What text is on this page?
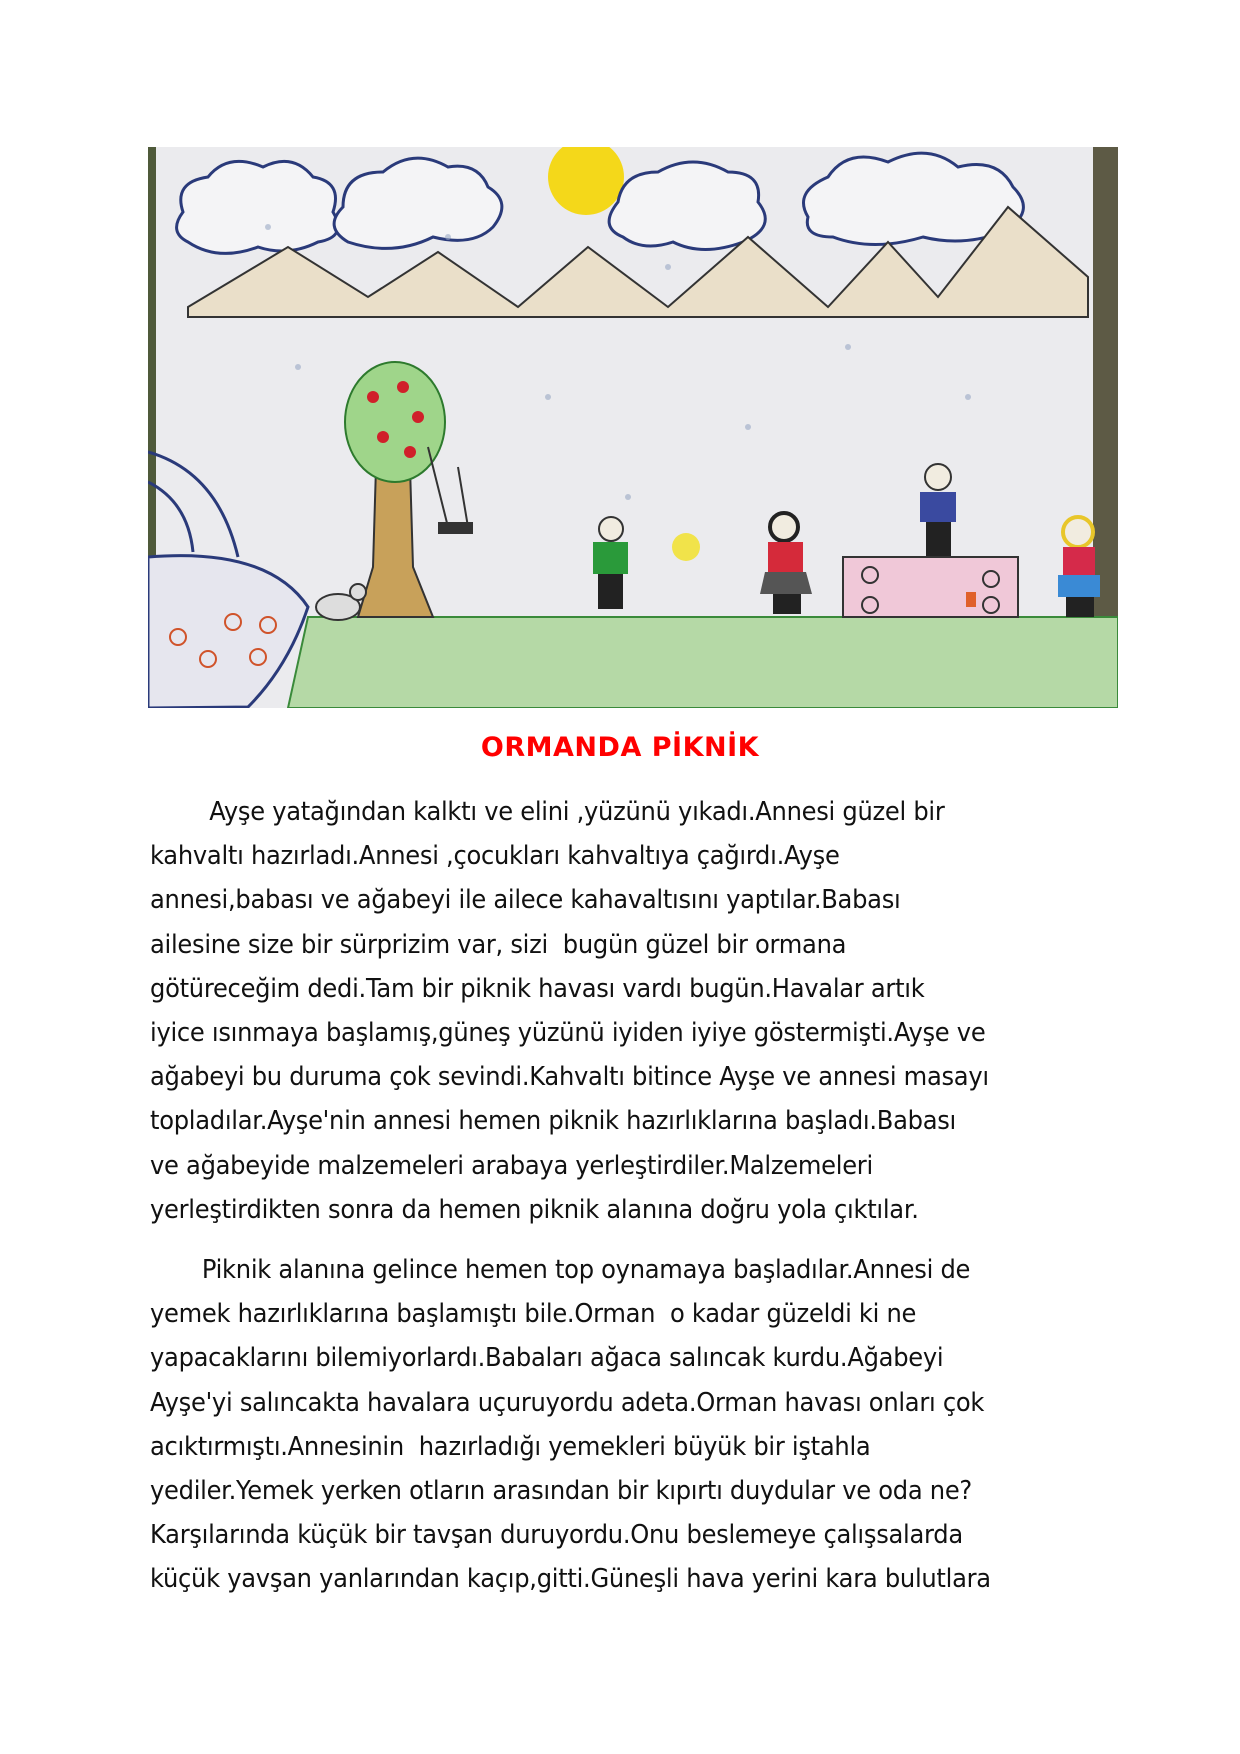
ORMANDA PİKNİK
Ayşe yatağından kalktı ve elini ,yüzünü yıkadı.Annesi güzel bir
kahvaltı hazırladı.Annesi ,çocukları kahvaltıya çağırdı.Ayşe
annesi,babası ve ağabeyi ile ailece kahavaltısını yaptılar.Babası
ailesine size bir sürprizim var, sizi  bugün güzel bir ormana
götüreceğim dedi.Tam bir piknik havası vardı bugün.Havalar artık
iyice ısınmaya başlamış,güneş yüzünü iyiden iyiye göstermişti.Ayşe ve
ağabeyi bu duruma çok sevindi.Kahvaltı bitince Ayşe ve annesi masayı
topladılar.Ayşe'nin annesi hemen piknik hazırlıklarına başladı.Babası
ve ağabeyide malzemeleri arabaya yerleştirdiler.Malzemeleri
yerleştirdikten sonra da hemen piknik alanına doğru yola çıktılar.
Piknik alanına gelince hemen top oynamaya başladılar.Annesi de
yemek hazırlıklarına başlamıştı bile.Orman  o kadar güzeldi ki ne
yapacaklarını bilemiyorlardı.Babaları ağaca salıncak kurdu.Ağabeyi
Ayşe'yi salıncakta havalara uçuruyordu adeta.Orman havası onları çok
acıktırmıştı.Annesinin  hazırladığı yemekleri büyük bir iştahla
yediler.Yemek yerken otların arasından bir kıpırtı duydular ve oda ne?
Karşılarında küçük bir tavşan duruyordu.Onu beslemeye çalışsalarda
küçük yavşan yanlarından kaçıp,gitti.Güneşli hava yerini kara bulutlara
